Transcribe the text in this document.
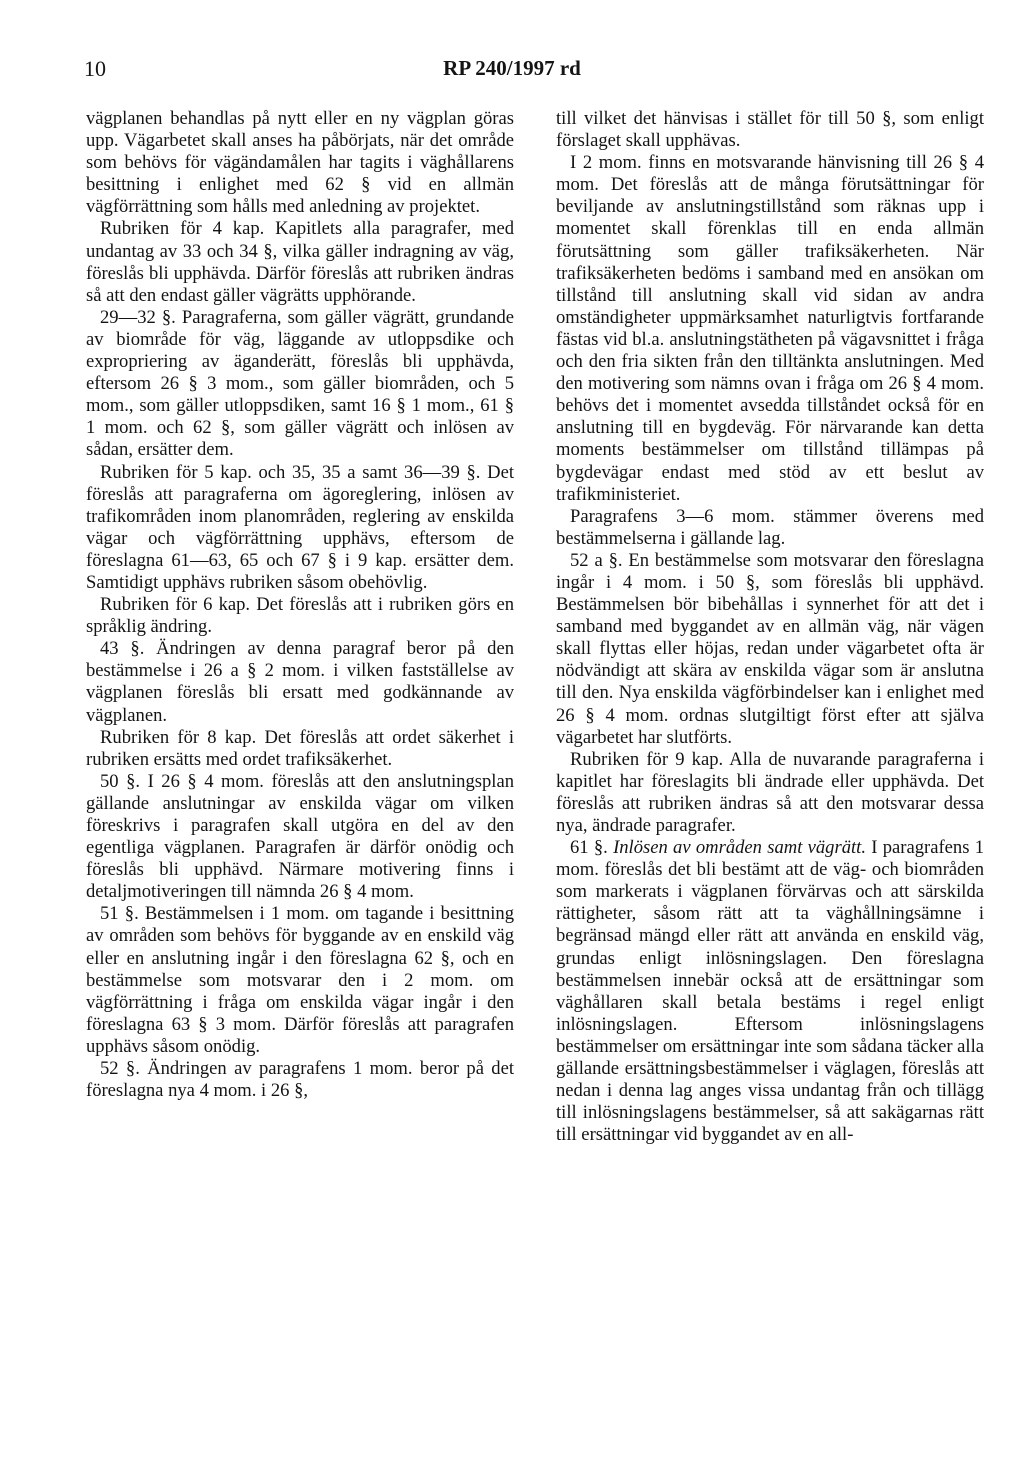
10	RP 240/1997 rd

vägplanen behandlas på nytt eller en ny vägplan göras upp. Vägarbetet skall anses ha påbörjats, när det område som behövs för vägändamålen har tagits i väghållarens besittning i enlighet med 62 § vid en allmän vägförrättning som hålls med anledning av projektet.

Rubriken för 4 kap. Kapitlets alla paragrafer, med undantag av 33 och 34 §, vilka gäller indragning av väg, föreslås bli upphävda. Därför föreslås att rubriken ändras så att den endast gäller vägrätts upphörande.

29—32 §. Paragraferna, som gäller vägrätt, grundande av biområde för väg, läggande av utloppsdike och expropriering av äganderätt, föreslås bli upphävda, eftersom 26 § 3 mom., som gäller biområden, och 5 mom., som gäller utloppsdiken, samt 16 § 1 mom., 61 § 1 mom. och 62 §, som gäller vägrätt och inlösen av sådan, ersätter dem.

Rubriken för 5 kap. och 35, 35 a samt 36—39 §. Det föreslås att paragraferna om ägoreglering, inlösen av trafikområden inom planområden, reglering av enskilda vägar och vägförrättning upphävs, eftersom de föreslagna 61—63, 65 och 67 § i 9 kap. ersätter dem. Samtidigt upphävs rubriken såsom obehövlig.

Rubriken för 6 kap. Det föreslås att i rubriken görs en språklig ändring.

43 §. Ändringen av denna paragraf beror på den bestämmelse i 26 a § 2 mom. i vilken fastställelse av vägplanen föreslås bli ersatt med godkännande av vägplanen.

Rubriken för 8 kap. Det föreslås att ordet säkerhet i rubriken ersätts med ordet trafiksäkerhet.

50 §. I 26 § 4 mom. föreslås att den anslutningsplan gällande anslutningar av enskilda vägar om vilken föreskrivs i paragrafen skall utgöra en del av den egentliga vägplanen. Paragrafen är därför onödig och föreslås bli upphävd. Närmare motivering finns i detaljmotiveringen till nämnda 26 § 4 mom.

51 §. Bestämmelsen i 1 mom. om tagande i besittning av områden som behövs för byggande av en enskild väg eller en anslutning ingår i den föreslagna 62 §, och en bestämmelse som motsvarar den i 2 mom. om vägförrättning i fråga om enskilda vägar ingår i den föreslagna 63 § 3 mom. Därför föreslås att paragrafen upphävs såsom onödig.

52 §. Ändringen av paragrafens 1 mom. beror på det föreslagna nya 4 mom. i 26 §,

till vilket det hänvisas i stället för till 50 §, som enligt förslaget skall upphävas.

I 2 mom. finns en motsvarande hänvisning till 26 § 4 mom. Det föreslås att de många förutsättningar för beviljande av anslutningstillstånd som räknas upp i momentet skall förenklas till en enda allmän förutsättning som gäller trafiksäkerheten. När trafiksäkerheten bedöms i samband med en ansökan om tillstånd till anslutning skall vid sidan av andra omständigheter uppmärksamhet naturligtvis fortfarande fästas vid bl.a. anslutningstätheten på vägavsnittet i fråga och den fria sikten från den tilltänkta anslutningen. Med den motivering som nämns ovan i fråga om 26 § 4 mom. behövs det i momentet avsedda tillståndet också för en anslutning till en bygdeväg. För närvarande kan detta moments bestämmelser om tillstånd tillämpas på bygdevägar endast med stöd av ett beslut av trafikministeriet.

Paragrafens 3—6 mom. stämmer överens med bestämmelserna i gällande lag.

52 a §. En bestämmelse som motsvarar den föreslagna ingår i 4 mom. i 50 §, som föreslås bli upphävd. Bestämmelsen bör bibehållas i synnerhet för att det i samband med byggandet av en allmän väg, när vägen skall flyttas eller höjas, redan under vägarbetet ofta är nödvändigt att skära av enskilda vägar som är anslutna till den. Nya enskilda vägförbindelser kan i enlighet med 26 § 4 mom. ordnas slutgiltigt först efter att själva vägarbetet har slutförts.

Rubriken för 9 kap. Alla de nuvarande paragraferna i kapitlet har föreslagits bli ändrade eller upphävda. Det föreslås att rubriken ändras så att den motsvarar dessa nya, ändrade paragrafer.

61 §. Inlösen av områden samt vägrätt. I paragrafens 1 mom. föreslås det bli bestämt att de väg- och biområden som markerats i vägplanen förvärvas och att särskilda rättigheter, såsom rätt att ta väghållningsämne i begränsad mängd eller rätt att använda en enskild väg, grundas enligt inlösningslagen. Den föreslagna bestämmelsen innebär också att de ersättningar som väghållaren skall betala bestäms i regel enligt inlösningslagen. Eftersom inlösningslagens bestämmelser om ersättningar inte som sådana täcker alla gällande ersättningsbestämmelser i väglagen, föreslås att nedan i denna lag anges vissa undantag från och tillägg till inlösningslagens bestämmelser, så att sakägarnas rätt till ersättningar vid byggandet av en all-
